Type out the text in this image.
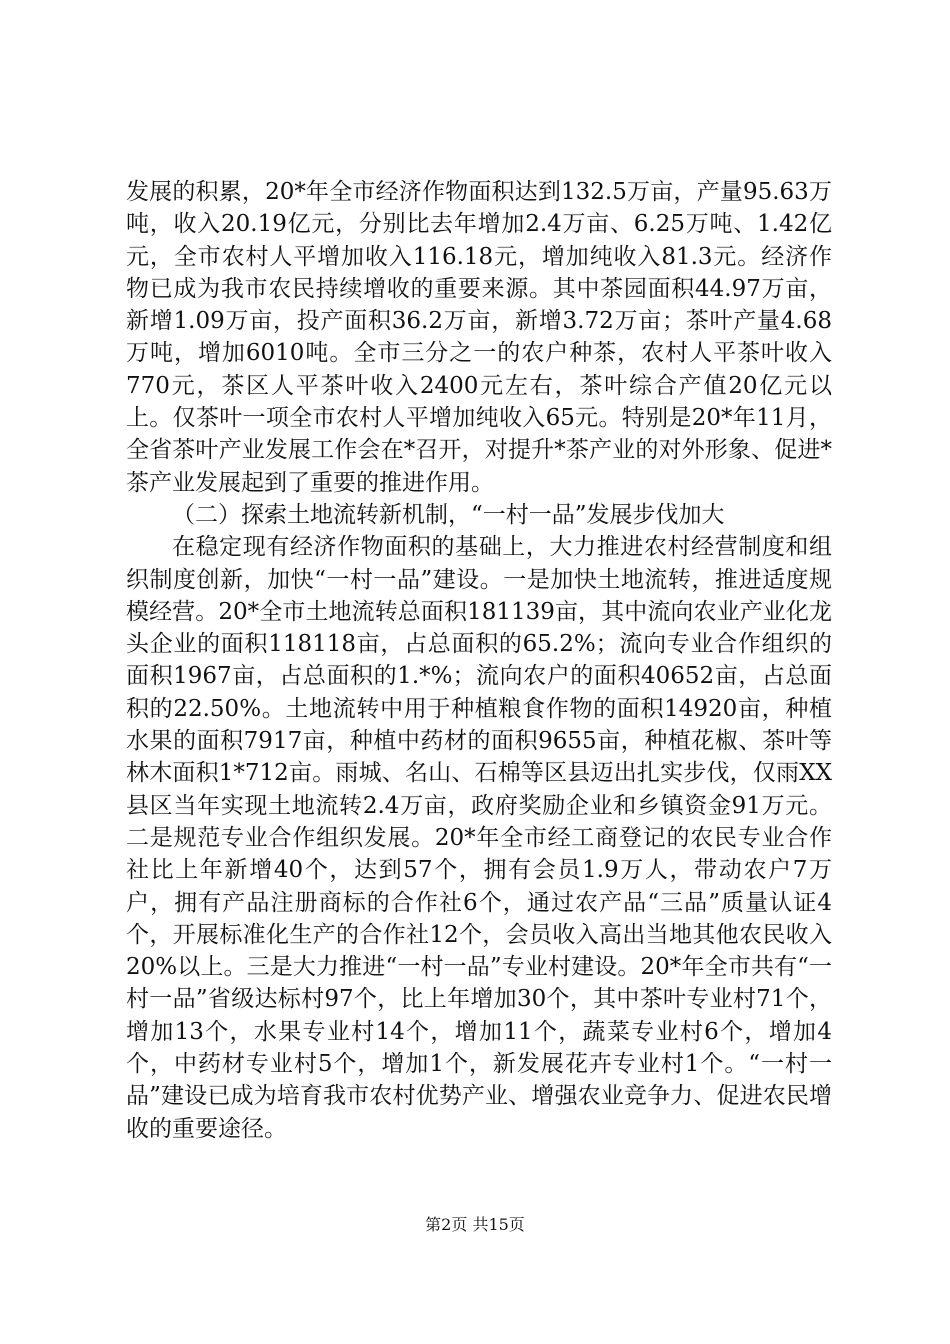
发展的积累，20*年全市经济作物面积达到132.5万亩，产量95.63万吨，收入20.19亿元，分别比去年增加2.4万亩、6.25万吨、1.42亿元，全市农村人平增加收入116.18元，增加纯收入81.3元。经济作物已成为我市农民持续增收的重要来源。其中茶园面积44.97万亩，新增1.09万亩，投产面积36.2万亩，新增3.72万亩；茶叶产量4.68万吨，增加6010吨。全市三分之一的农户种茶，农村人平茶叶收入770元，茶区人平茶叶收入2400元左右，茶叶综合产值20亿元以上。仅茶叶一项全市农村人平增加纯收入65元。特别是20*年11月，全省茶叶产业发展工作会在*召开，对提升*茶产业的对外形象、促进*茶产业发展起到了重要的推进作用。

（二）探索土地流转新机制，“一村一品”发展步伐加大

在稳定现有经济作物面积的基础上，大力推进农村经营制度和组织制度创新，加快“一村一品”建设。一是加快土地流转，推进适度规模经营。20*全市土地流转总面积181139亩，其中流向农业产业化龙头企业的面积118118亩，占总面积的65.2%；流向专业合作组织的面积1967亩，占总面积的1.*%；流向农户的面积40652亩，占总面积的22.50%。土地流转中用于种植粮食作物的面积14920亩，种植水果的面积7917亩，种植中药材的面积9655亩，种植花椒、茶叶等林木面积1*712亩。雨城、名山、石棉等区县迈出扎实步伐，仅雨XX县区当年实现土地流转2.4万亩，政府奖励企业和乡镇资金91万元。二是规范专业合作组织发展。20*年全市经工商登记的农民专业合作社比上年新增40个，达到57个，拥有会员1.9万人，带动农户7万户，拥有产品注册商标的合作社6个，通过农产品“三品”质量认证4个，开展标准化生产的合作社12个，会员收入高出当地其他农民收入20%以上。三是大力推进“一村一品”专业村建设。20*年全市共有“一村一品”省级达标村97个，比上年增加30个，其中茶叶专业村71个，增加13个，水果专业村14个，增加11个，蔬菜专业村6个，增加4个，中药材专业村5个，增加1个，新发展花卉专业村1个。“一村一品”建设已成为培育我市农村优势产业、增强农业竞争力、促进农民增收的重要途径。

第2页 共15页
